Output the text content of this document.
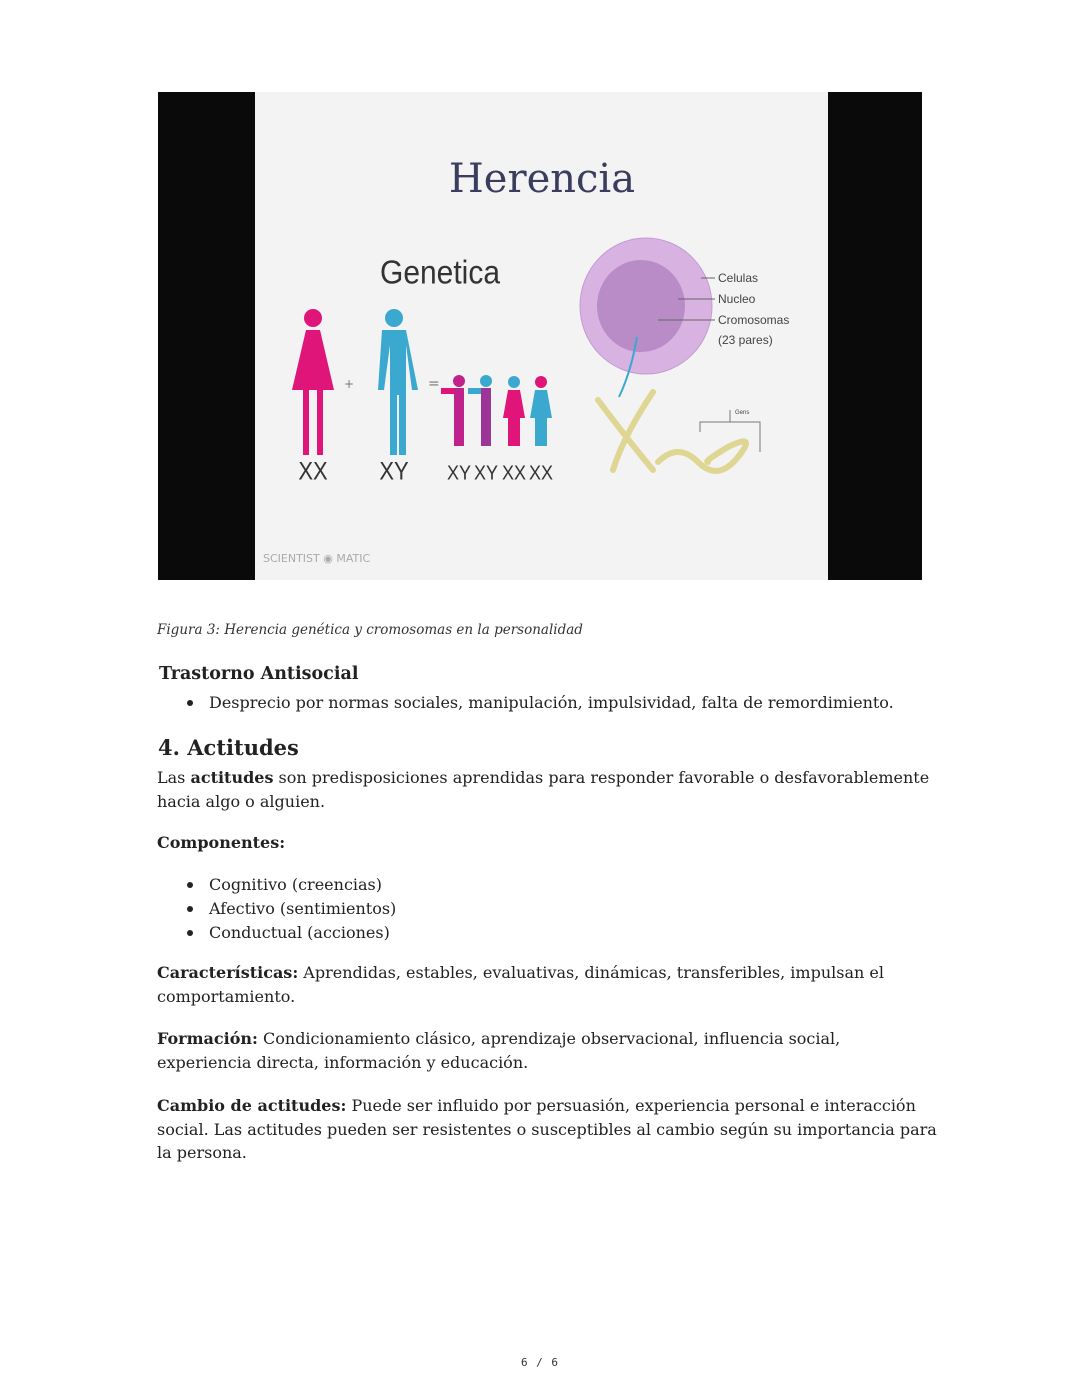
Herencia
Genetica
+	=
XX XY XY XY XX XX
Celulas
Nucleo
Cromosomas
(23 pares)
Gens
SCIENTIST ◉ MATIC
Figura 3: Herencia genética y cromosomas en la personalidad
Trastorno Antisocial
Desprecio por normas sociales, manipulación, impulsividad, falta de remordimiento.
4. Actitudes
Las actitudes son predisposiciones aprendidas para responder favorable o desfavorablemente hacia algo o alguien.
Componentes:
Cognitivo (creencias)
Afectivo (sentimientos)
Conductual (acciones)
Características: Aprendidas, estables, evaluativas, dinámicas, transferibles, impulsan el comportamiento.
Formación: Condicionamiento clásico, aprendizaje observacional, influencia social, experiencia directa, información y educación.
Cambio de actitudes: Puede ser influido por persuasión, experiencia personal e interacción social. Las actitudes pueden ser resistentes o susceptibles al cambio según su importancia para la persona.
6 / 6
